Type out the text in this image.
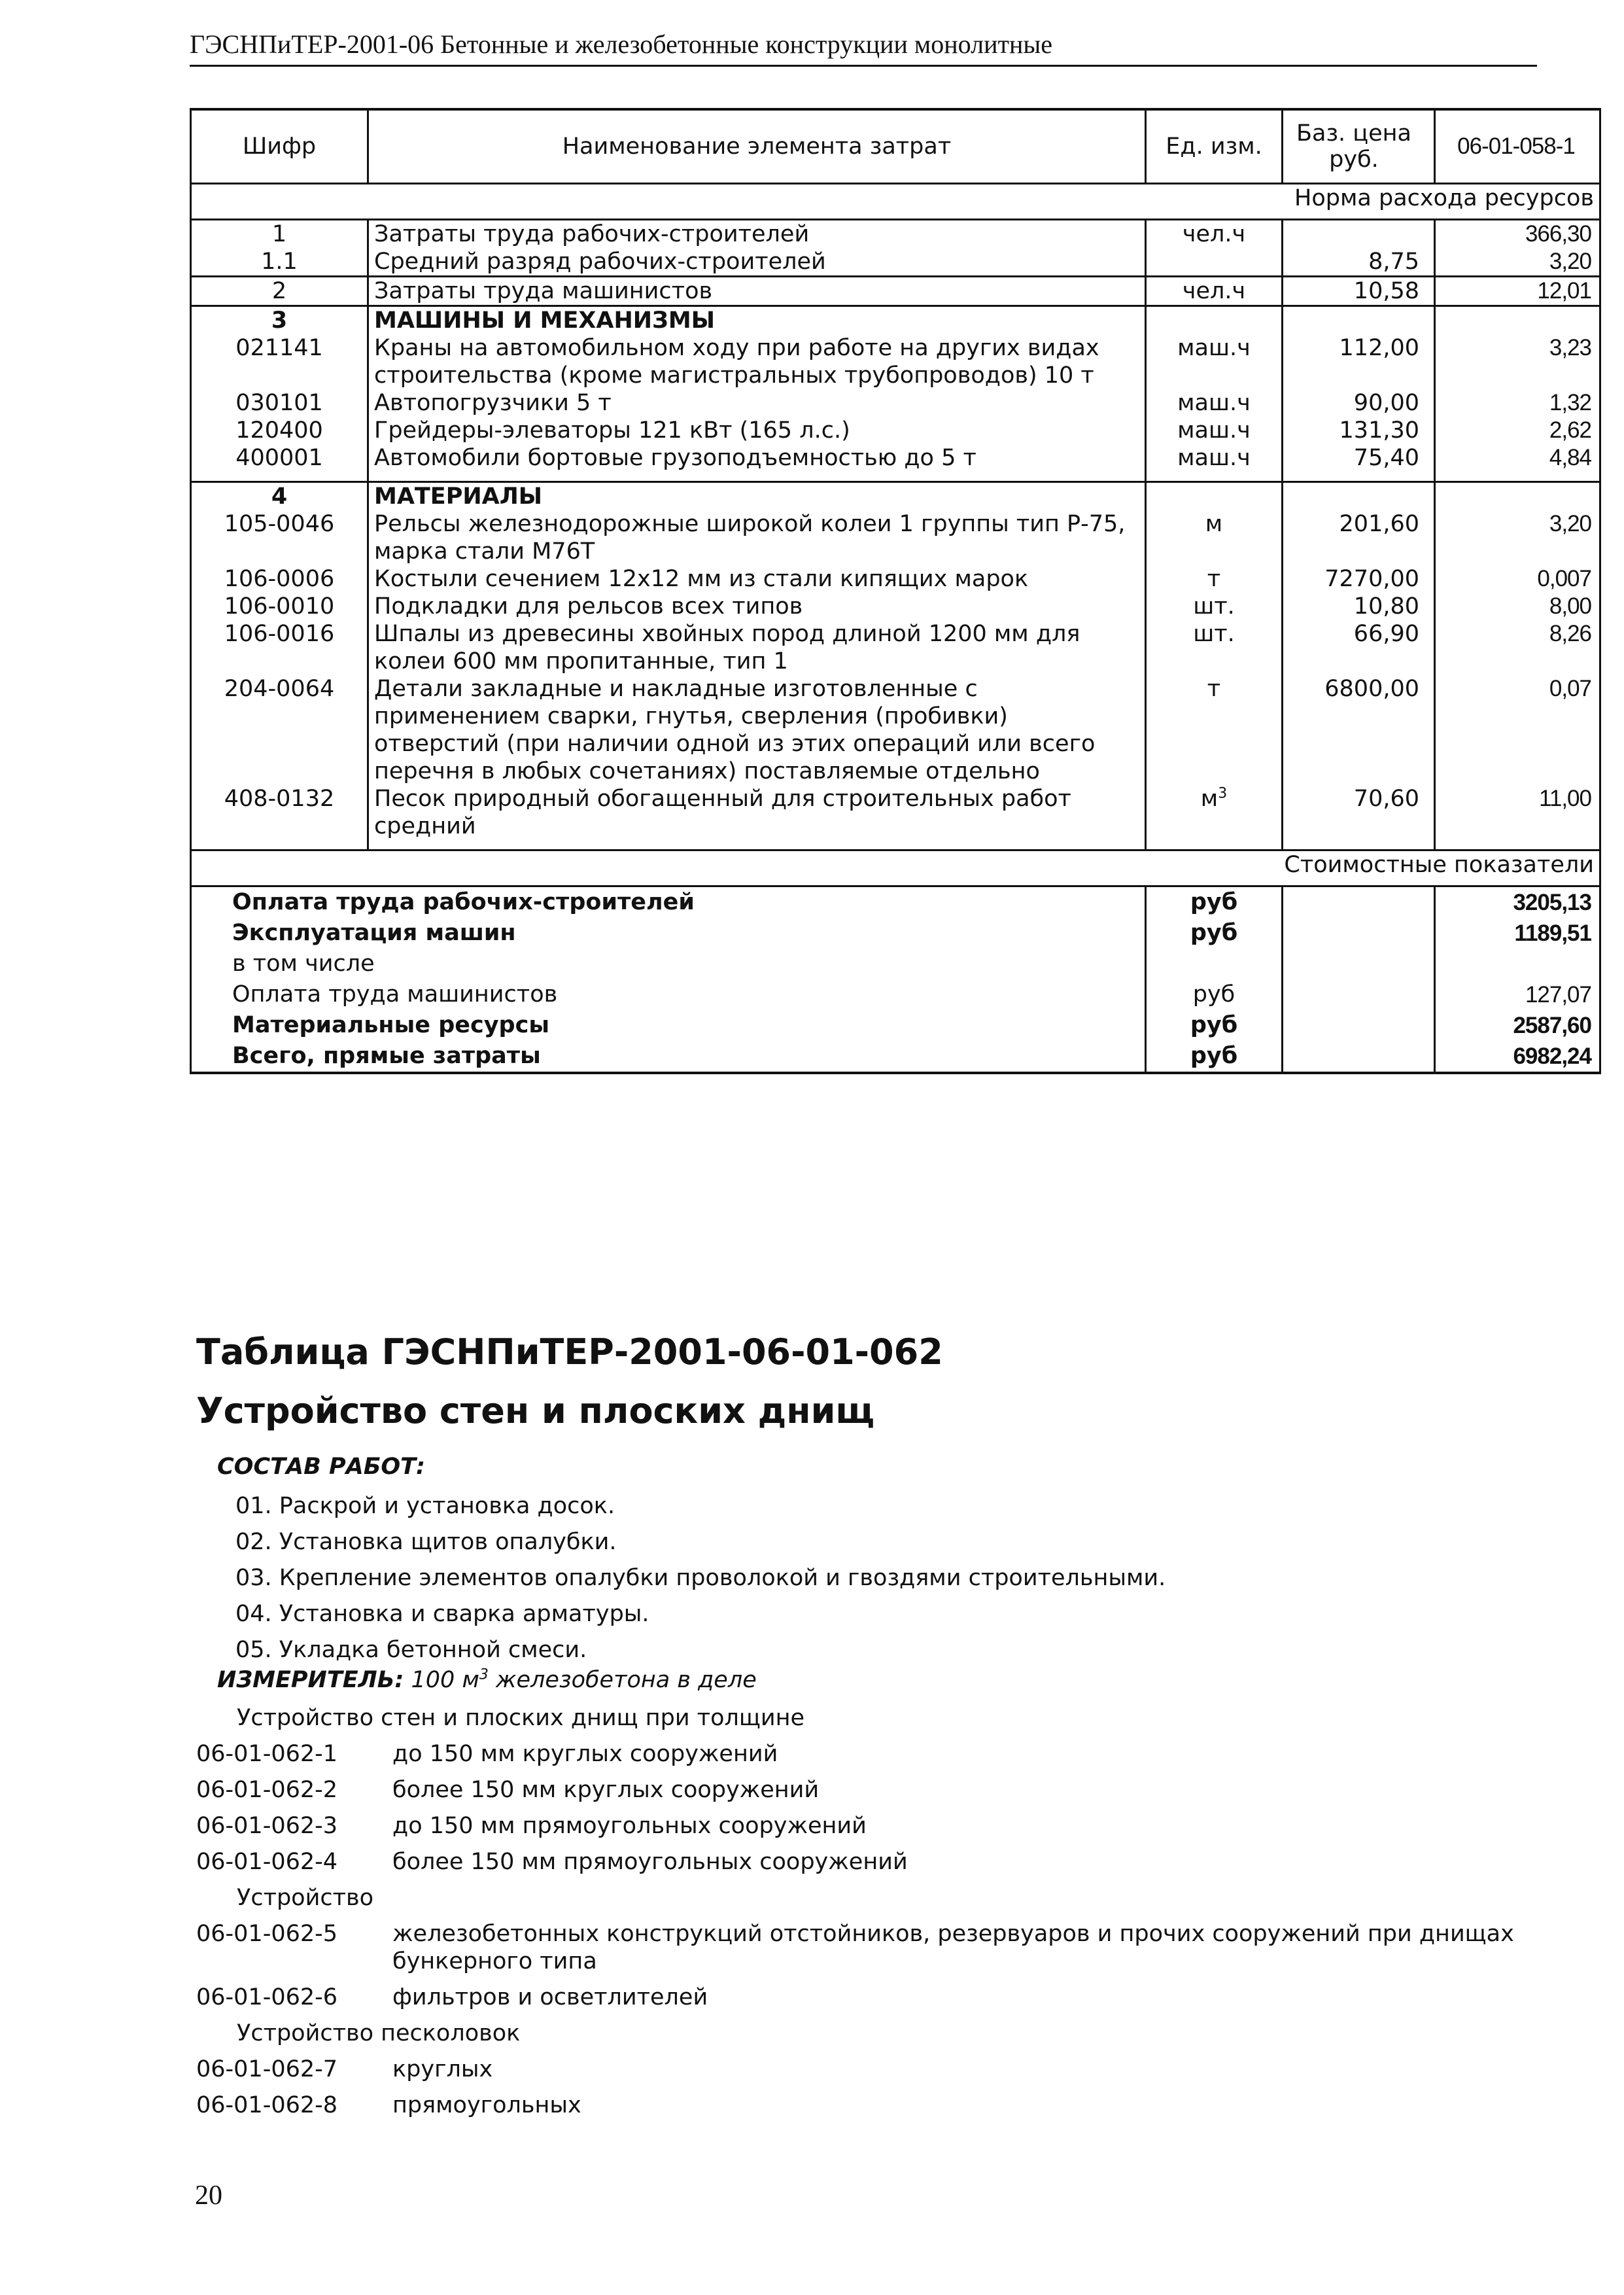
ГЭСНПиТЕР-2001-06 Бетонные и железобетонные конструкции монолитные
Шифр	Наименование элемента затрат	Ед. изм.	Баз. цена руб.	06-01-058-1

Норма расхода ресурсов				

1	Затраты труда рабочих-строителей	чел.ч		366,30
1.1	Средний разряд рабочих-строителей		8,75	3,20
2	Затраты труда машинистов	чел.ч	10,58	12,01
3	МАШИНЫ И МЕХАНИЗМЫ			
021141	Краны на автомобильном ходу при работе на других видах строительства (кроме магистральных трубопроводов) 10 т	маш.ч	112,00	3,23
030101	Автопогрузчики 5 т	маш.ч	90,00	1,32
120400	Грейдеры-элеваторы 121 кВт (165 л.с.)	маш.ч	131,30	2,62
400001	Автомобили бортовые грузоподъемностью до 5 т	маш.ч	75,40	4,84

4	МАТЕРИАЛЫ			
105-0046	Рельсы железнодорожные широкой колеи 1 группы тип Р-75, марка стали М76Т	м	201,60	3,20
106-0006	Костыли сечением 12х12 мм из стали кипящих марок	т	7270,00	0,007
106-0010	Подкладки для рельсов всех типов	шт.	10,80	8,00
106-0016	Шпалы из древесины хвойных пород длиной 1200 мм для колеи 600 мм пропитанные, тип 1	шт.	66,90	8,26
204-0064	Детали закладные и накладные изготовленные с применением сварки, гнутья, сверления (пробивки) отверстий (при наличии одной из этих операций или всего перечня в любых сочетаниях) поставляемые отдельно	т	6800,00	0,07
408-0132	Песок природный обогащенный для строительных работ средний	$м^3$	70,60	11,00

Стоимостные показатели				

Оплата труда рабочих-строителей		руб		3205,13
Эксплуатация машин		руб		1189,51
в том числе				
Оплата труда машинистов		руб		127,07
Материальные ресурсы		руб		2587,60
Всего, прямые затраты		руб		6982,24
Таблица ГЭСНПиТЕР-2001-06-01-062
Устройство стен и плоских днищ
СОСТАВ РАБОТ:
01. Раскрой и установка досок.
02. Установка щитов опалубки.
03. Крепление элементов опалубки проволокой и гвоздями строительными.
04. Установка и сварка арматуры.
05. Укладка бетонной смеси.
ИЗМЕРИТЕЛЬ: 100 $м^3$ железобетона в деле
Устройство стен и плоских днищ при толщине
06-01-062-1	до 150 мм круглых сооружений
06-01-062-2	более 150 мм круглых сооружений
06-01-062-3	до 150 мм прямоугольных сооружений
06-01-062-4	более 150 мм прямоугольных сооружений
Устройство
06-01-062-5	железобетонных конструкций отстойников, резервуаров и прочих сооружений при днищах бункерного типа
06-01-062-6	фильтров и осветлителей
Устройство песколовок
06-01-062-7	круглых
06-01-062-8	прямоугольных
20
